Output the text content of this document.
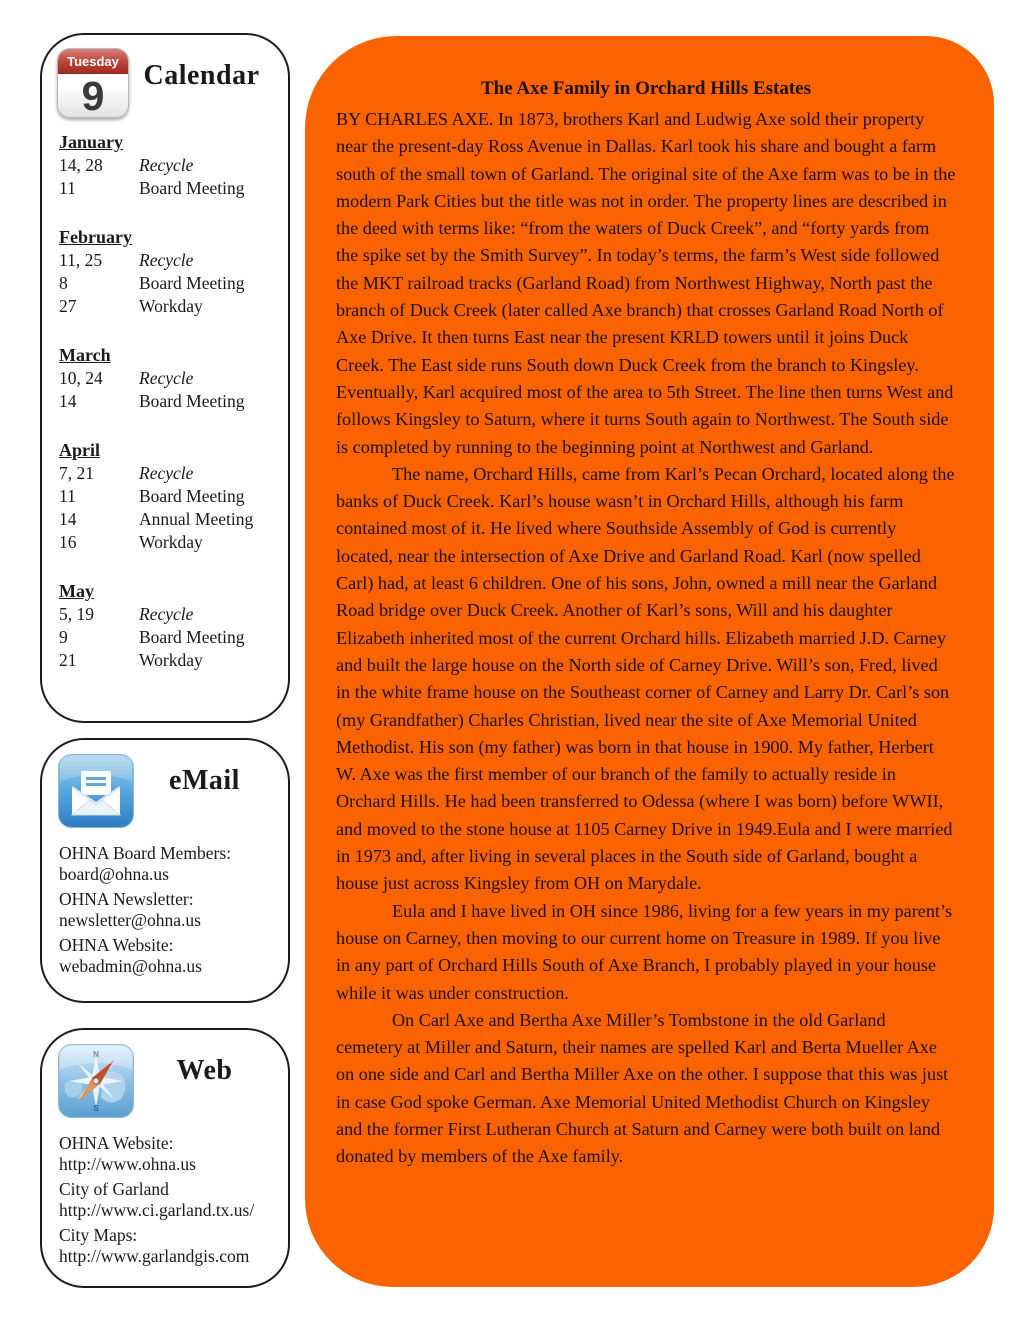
Tuesday
9	Calendar
January
14, 28	Recycle
11	Board Meeting
February
11, 25	Recycle
8	Board Meeting
27	Workday
March
10, 24	Recycle
14	Board Meeting
April
7, 21	Recycle
11	Board Meeting
14	Annual Meeting
16	Workday
May
5, 19	Recycle
9	Board Meeting
21	Workday
eMail
OHNA Board Members:
board@ohna.us
OHNA Newsletter:
newsletter@ohna.us
OHNA Website:
webadmin@ohna.us
N
S
Web
OHNA Website:
http://www.ohna.us
City of Garland
http://www.ci.garland.tx.us/
City Maps:
http://www.garlandgis.com
The Axe Family in Orchard Hills Estates

BY CHARLES AXE. In 1873, brothers Karl and Ludwig Axe sold their property near the present-day Ross Avenue in Dallas. Karl took his share and bought a farm south of the small town of Garland. The original site of the Axe farm was to be in the modern Park Cities but the title was not in order. The property lines are described in the deed with terms like: “from the waters of Duck Creek”, and “forty yards from the spike set by the Smith Survey”. In today’s terms, the farm’s West side followed the MKT railroad tracks (Garland Road) from Northwest Highway, North past the branch of Duck Creek (later called Axe branch) that crosses Garland Road North of Axe Drive. It then turns East near the present KRLD towers until it joins Duck Creek. The East side runs South down Duck Creek from the branch to Kingsley. Eventually, Karl acquired most of the area to 5th Street. The line then turns West and follows Kingsley to Saturn, where it turns South again to Northwest. The South side is completed by running to the beginning point at Northwest and Garland.

The name, Orchard Hills, came from Karl’s Pecan Orchard, located along the banks of Duck Creek. Karl’s house wasn’t in Orchard Hills, although his farm contained most of it. He lived where Southside Assembly of God is currently located, near the intersection of Axe Drive and Garland Road. Karl (now spelled Carl) had, at least 6 children. One of his sons, John, owned a mill near the Garland Road bridge over Duck Creek. Another of Karl’s sons, Will and his daughter Elizabeth inherited most of the current Orchard hills. Elizabeth married J.D. Carney and built the large house on the North side of Carney Drive. Will’s son, Fred, lived in the white frame house on the Southeast corner of Carney and Larry Dr. Carl’s son (my Grandfather) Charles Christian, lived near the site of Axe Memorial United Methodist. His son (my father) was born in that house in 1900. My father, Herbert W. Axe was the first member of our branch of the family to actually reside in Orchard Hills. He had been transferred to Odessa (where I was born) before WWII, and moved to the stone house at 1105 Carney Drive in 1949.Eula and I were married in 1973 and, after living in several places in the South side of Garland, bought a house just across Kingsley from OH on Marydale.

Eula and I have lived in OH since 1986, living for a few years in my parent’s house on Carney, then moving to our current home on Treasure in 1989. If you live in any part of Orchard Hills South of Axe Branch, I probably played in your house while it was under construction.

On Carl Axe and Bertha Axe Miller’s Tombstone in the old Garland cemetery at Miller and Saturn, their names are spelled Karl and Berta Mueller Axe on one side and Carl and Bertha Miller Axe on the other. I suppose that this was just in case God spoke German. Axe Memorial United Methodist Church on Kingsley and the former First Lutheran Church at Saturn and Carney were both built on land donated by members of the Axe family.
